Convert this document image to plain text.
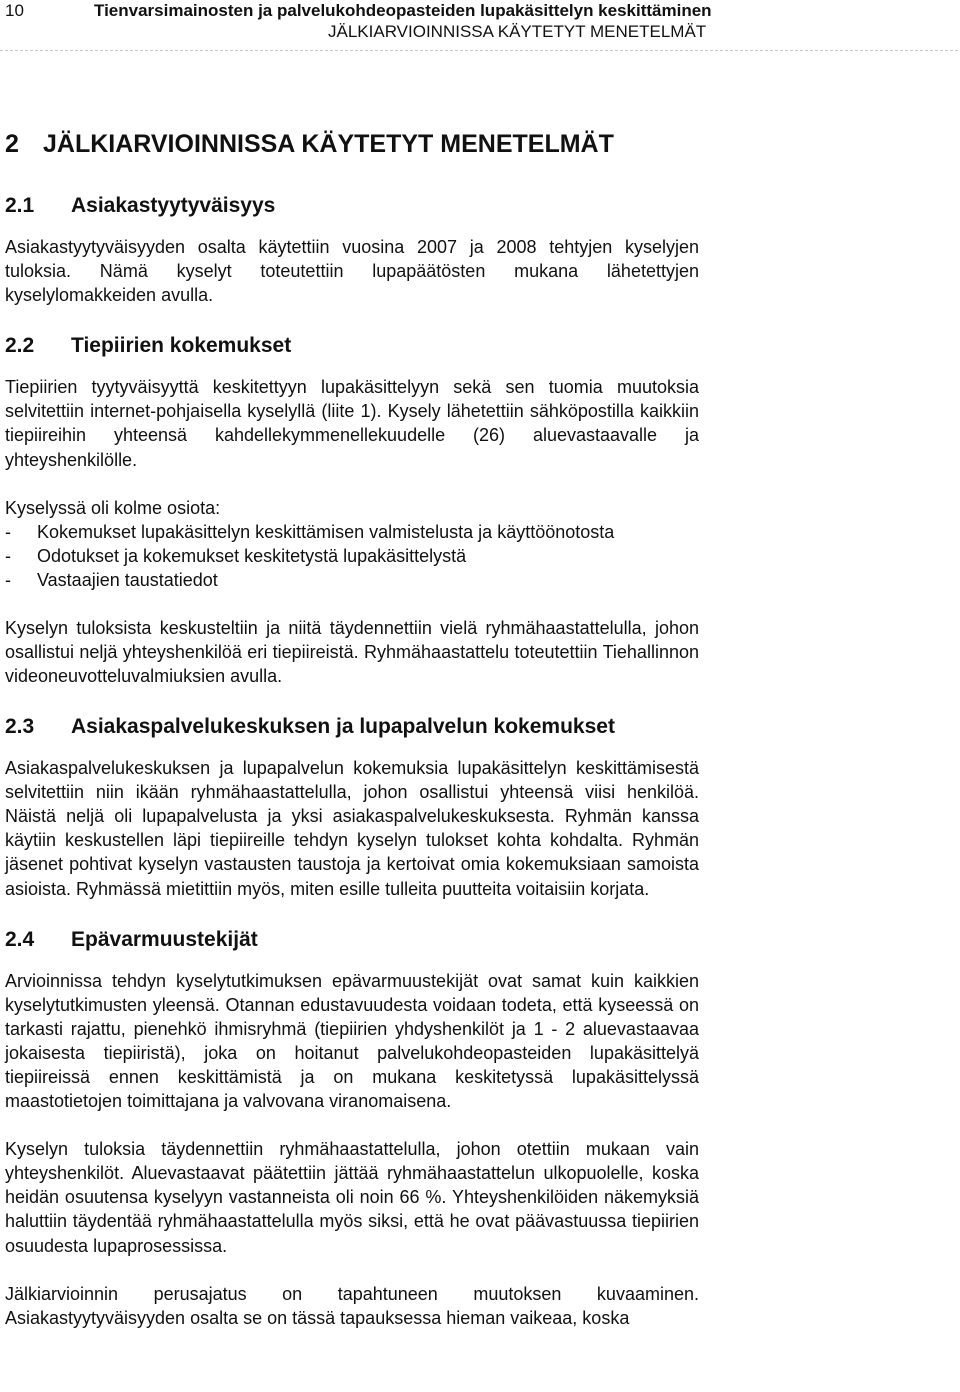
10	Tienvarsimainosten ja palvelukohdeopasteiden lupakäsittelyn keskittäminen
JÄLKIARVIOINNISSA KÄYTETYT MENETELMÄT
2 JÄLKIARVIOINNISSA KÄYTETYT MENETELMÄT
2.1 Asiakastyytyväisyys

Asiakastyytyväisyyden osalta käytettiin vuosina 2007 ja 2008 tehtyjen kyselyjen tuloksia. Nämä kyselyt toteutettiin lupapäätösten mukana lähetettyjen kyselylomakkeiden avulla.

2.2 Tiepiirien kokemukset

Tiepiirien tyytyväisyyttä keskitettyyn lupakäsittelyyn sekä sen tuomia muutoksia selvitettiin internet-pohjaisella kyselyllä (liite 1). Kysely lähetettiin sähköpostilla kaikkiin tiepiireihin yhteensä kahdellekymmenellekuudelle (26) aluevastaavalle ja yhteyshenkilölle.

Kyselyssä oli kolme osiota:

- Kokemukset lupakäsittelyn keskittämisen valmistelusta ja käyttöönotosta
- Odotukset ja kokemukset keskitetystä lupakäsittelystä
- Vastaajien taustatiedot

Kyselyn tuloksista keskusteltiin ja niitä täydennettiin vielä ryhmähaastattelulla, johon osallistui neljä yhteyshenkilöä eri tiepiireistä. Ryhmähaastattelu toteutettiin Tiehallinnon videoneuvotteluvalmiuksien avulla.

2.3 Asiakaspalvelukeskuksen ja lupapalvelun kokemukset

Asiakaspalvelukeskuksen ja lupapalvelun kokemuksia lupakäsittelyn keskittämisestä selvitettiin niin ikään ryhmähaastattelulla, johon osallistui yhteensä viisi henkilöä. Näistä neljä oli lupapalvelusta ja yksi asiakaspalvelukeskuksesta. Ryhmän kanssa käytiin keskustellen läpi tiepiireille tehdyn kyselyn tulokset kohta kohdalta. Ryhmän jäsenet pohtivat kyselyn vastausten taustoja ja kertoivat omia kokemuksiaan samoista asioista. Ryhmässä mietittiin myös, miten esille tulleita puutteita voitaisiin korjata.

2.4 Epävarmuustekijät

Arvioinnissa tehdyn kyselytutkimuksen epävarmuustekijät ovat samat kuin kaikkien kyselytutkimusten yleensä. Otannan edustavuudesta voidaan todeta, että kyseessä on tarkasti rajattu, pienehkö ihmisryhmä (tiepiirien yhdyshenkilöt ja 1 - 2 aluevastaavaa jokaisesta tiepiiristä), joka on hoitanut palvelukohdeopasteiden lupakäsittelyä tiepiireissä ennen keskittämistä ja on mukana keskitetyssä lupakäsittelyssä maastotietojen toimittajana ja valvovana viranomaisena.

Kyselyn tuloksia täydennettiin ryhmähaastattelulla, johon otettiin mukaan vain yhteyshenkilöt. Aluevastaavat päätettiin jättää ryhmähaastattelun ulkopuolelle, koska heidän osuutensa kyselyyn vastanneista oli noin 66 %. Yhteyshenkilöiden näkemyksiä haluttiin täydentää ryhmähaastattelulla myös siksi, että he ovat päävastuussa tiepiirien osuudesta lupaprosessissa.

Jälkiarvioinnin perusajatus on tapahtuneen muutoksen kuvaaminen. Asiakastyytyväisyyden osalta se on tässä tapauksessa hieman vaikeaa, koska
